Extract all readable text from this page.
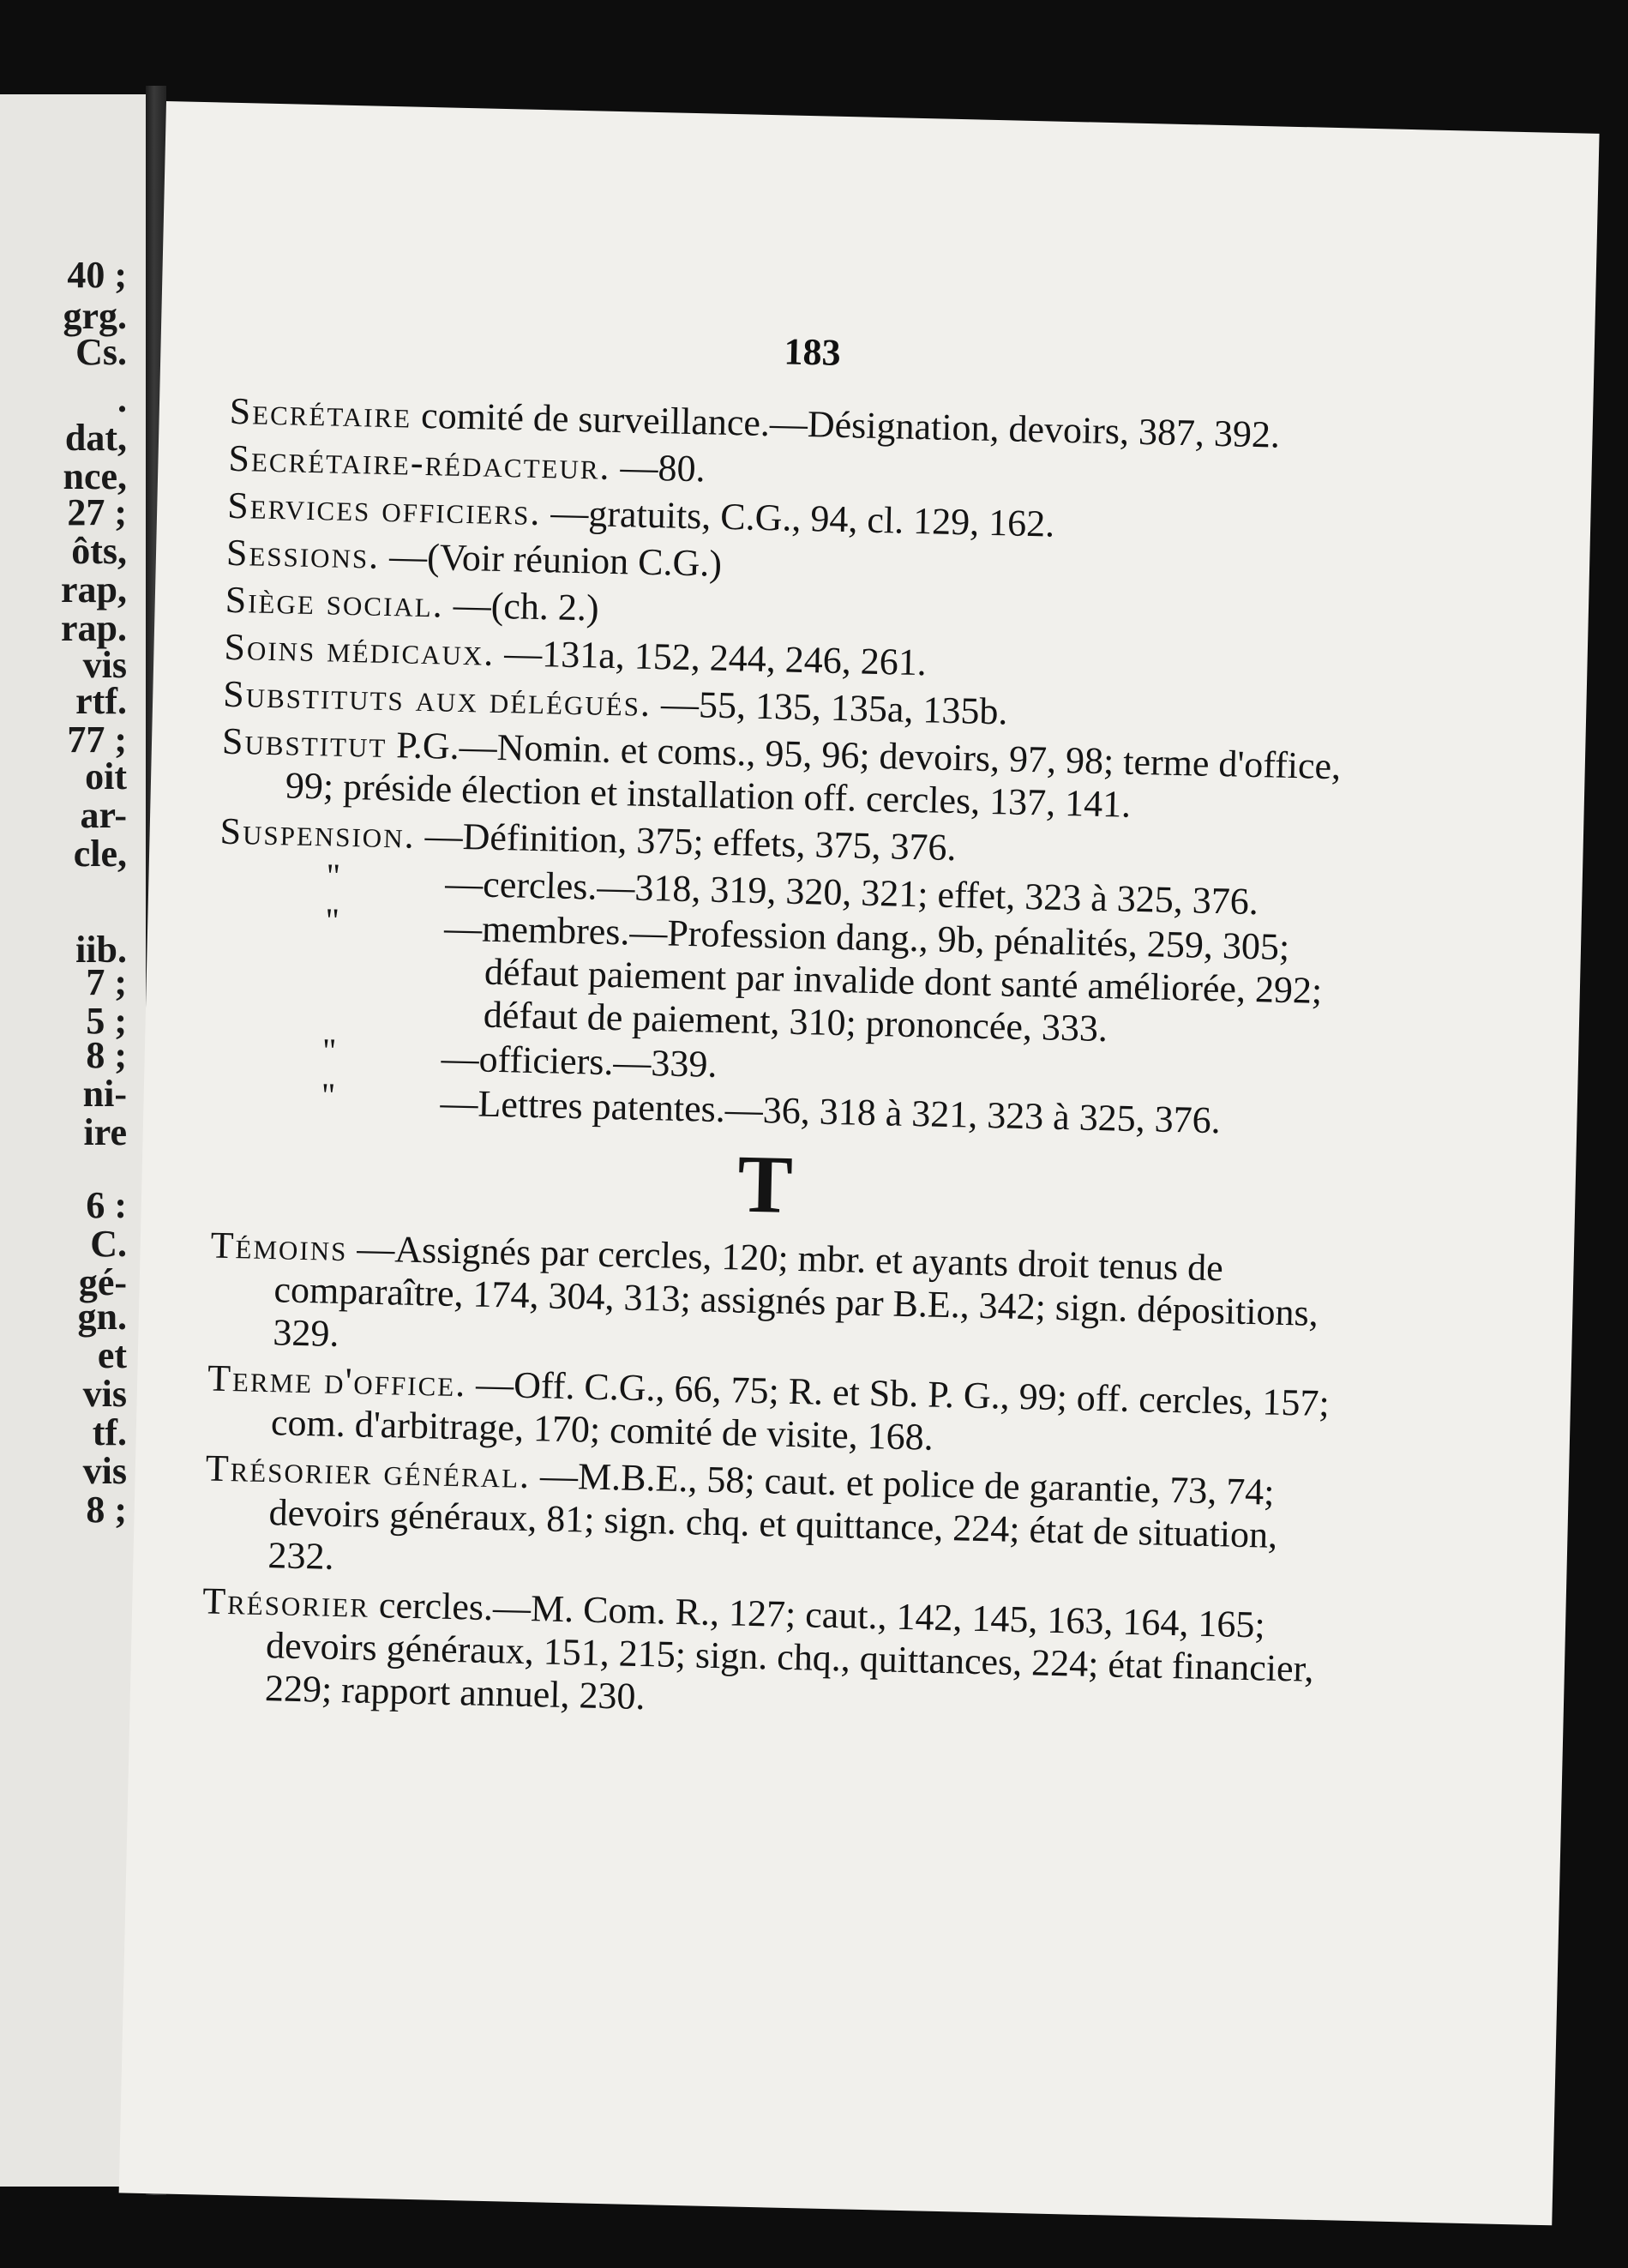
40 ;
grg.
Cs.
.
dat,
nce,
27 ;
ôts,
rap,
rap.
vis
rtf.
77 ;
oit
ar-
cle,
iib.
7 ;
5 ;
8 ;
ni-
ire
6 :
C.
gé-
gn.
et
vis
tf.
vis
8 ;
183
Secrétaire comité de surveillance.—Désignation, devoirs, 387, 392.
Secrétaire-rédacteur. —80.
Services officiers. —gratuits, C.G., 94, cl. 129, 162.
Sessions. —(Voir réunion C.G.)
Siège social. —(ch. 2.)
Soins médicaux. —131a, 152, 244, 246, 261.
Substituts aux délégués. —55, 135, 135a, 135b.
Substitut P.G.—Nomin. et coms., 95, 96; devoirs, 97, 98; terme d'office, 99; préside élection et installation off. cercles, 137, 141.
Suspension. —Définition, 375; effets, 375, 376.
"	—cercles.—318, 319, 320, 321; effet, 323 à 325, 376.
"	—membres.—Profession dang., 9b, pénalités, 259, 305; défaut paiement par invalide dont santé améliorée, 292; défaut de paiement, 310; prononcée, 333.
"	—officiers.—339.
"	—Lettres patentes.—36, 318 à 321, 323 à 325, 376.
T
Témoins —Assignés par cercles, 120; mbr. et ayants droit tenus de comparaître, 174, 304, 313; assignés par B.E., 342; sign. dépositions, 329.
Terme d'office. —Off. C.G., 66, 75; R. et Sb. P. G., 99; off. cercles, 157; com. d'arbitrage, 170; comité de visite, 168.
Trésorier général. —M.B.E., 58; caut. et police de garantie, 73, 74; devoirs généraux, 81; sign. chq. et quittance, 224; état de situation, 232.
Trésorier cercles.—M. Com. R., 127; caut., 142, 145, 163, 164, 165; devoirs généraux, 151, 215; sign. chq., quittances, 224; état financier, 229; rapport annuel, 230.
